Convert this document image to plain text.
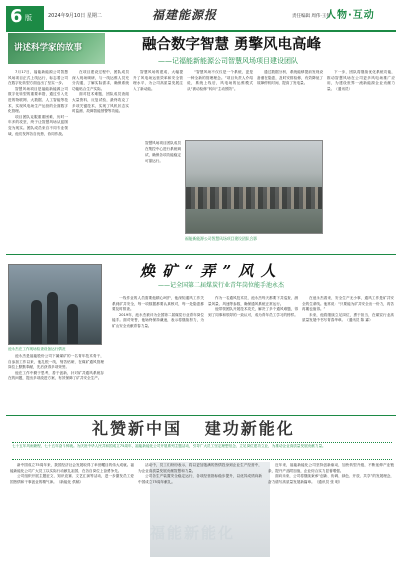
6 版	2024年9月10日 星期二	福建能源报	责任编辑 周伟·王智
人物·互动
讲述科学家的故事	融合数字智慧 勇擎风电高峰
——记福能新能源公司智慧风场项目建设团队

7月17日，福能新能源公司智慧风场项目正式上线运行，标志着公司在数字化转型方面迈出了坚实一步。

智慧风场项目是福能新能源公司数字化转型的重要举措，通过引入先进的物联网、大数据、人工智能等技术，实现风电场生产运营的全面数字化管理。

项目团队克服重重困难，历时一年多的攻坚，终于让智慧风场从蓝图变为现实。团队成员来自不同专业领域，他们发挥各自优势，协同作战。

在项目建设过程中，团队成员深入现场调研，与一线运维人员充分沟通，了解实际需求，确保系统功能贴合生产实际。

面对技术难题，团队成员查阅大量资料，反复试验，最终攻克了多项关键技术，实现了风机状态实时监测、故障智能预警等功能。

智慧风场的建成，大幅提升了风电场运营效率和安全管理水平，为公司高质量发展注入了新动能。

“智慧风场不仅仅是一个系统，更是一种全新的管理理念。”项目负责人介绍说，系统上线后，风电场的运维模式从“被动检修”转向“主动预防”。

通过数据分析，系统能够提前发现设备潜在隐患，及时安排检修，有效降低了故障停机时间，提高了发电量。

下一步，团队将继续优化系统功能，推动智慧风场在公司更多风电场推广应用，为建设世界一流新能源企业贡献力量。（通讯员）

智慧风场项目团队成员在集控中心进行系统调试，确保各项功能稳定可靠运行。
福能新能源公司智慧风场项目建设团队合影
焕 矿 “ 弄 ” 风 人
——记全国第二届煤炭行业青年岗位能手池永杰
池永杰在工作现场检查设备运行情况

池永杰是福能股份公司下属煤矿的一名青年技术骨干，自参加工作以来，他扎根一线，刻苦钻研，在煤矿通风管理岗位上默默奉献，先后获得多项荣誉。

他在工作中勤于思考，善于创新，针对矿井通风系统存在的问题，提出多项改进方案，有效保障了矿井安全生产。

一线作业的人员需要他精心呵护，他深知通风工作关系到矿井安全，每一项数据都要认真核对，每一处隐患都要及时排查。

2019年，池永杰被评为全国第二届煤炭行业青年岗位能手。面对荣誉，他始终保持谦逊，表示将继续努力，为矿山安全贡献青春力量。

作为一名通风技术员，池永杰每天都要下井巡查，测量风量、风速等参数，确保通风系统正常运行。

他带领团队开展技术攻关，解决了多个通风难题，得到了同事和领导的一致认可，成为青年员工学习的榜样。

在池永杰看来，安全生产无小事，通风工作是矿井安全的生命线。他常说：“只要能为矿井安全出一份力，再苦再累也值得。”

未来，他将继续立足岗位，勇于担当，在煤炭行业高质量发展中书写青春华章。（通讯员 陈 霖）

礼赞新中国 建功新能化
七十五年风雨兼程，七十五年奋斗铸就。为庆祝中华人民共和国成立75周年，福能新能化公司开展系列主题活动，引导广大员工坚定理想信念，立足岗位建功立业，为推动企业高质量发展贡献力量。
福能新能化

新中国成立75周年来，我国经济社会发展取得了举世瞩目的伟大成就。福能新能化公司广大员工以实际行动献礼祖国，在各自岗位上奋勇争先。

公司组织开展主题征文、知识竞赛、文艺汇演等活动，进一步激发员工爱国热情和干事创业的精气神。（新能化 供稿）

活动中，员工们纷纷表示，将以更加饱满的热情投身到企业生产经营中，为企业高质量发展贡献智慧和力量。

公司各生产装置安全稳定运行，各项经营指标稳步提升，以优异成绩向新中国成立75周年献礼。

近年来，福能新能化公司坚持创新驱动，加快转型升级，不断延伸产业链条，提升产品附加值，企业综合实力显著增强。

面向未来，公司将继续秉承“创新、协调、绿色、开放、共享”的发展理念，奋力谱写高质量发展新篇章。（通讯员 张 明）
